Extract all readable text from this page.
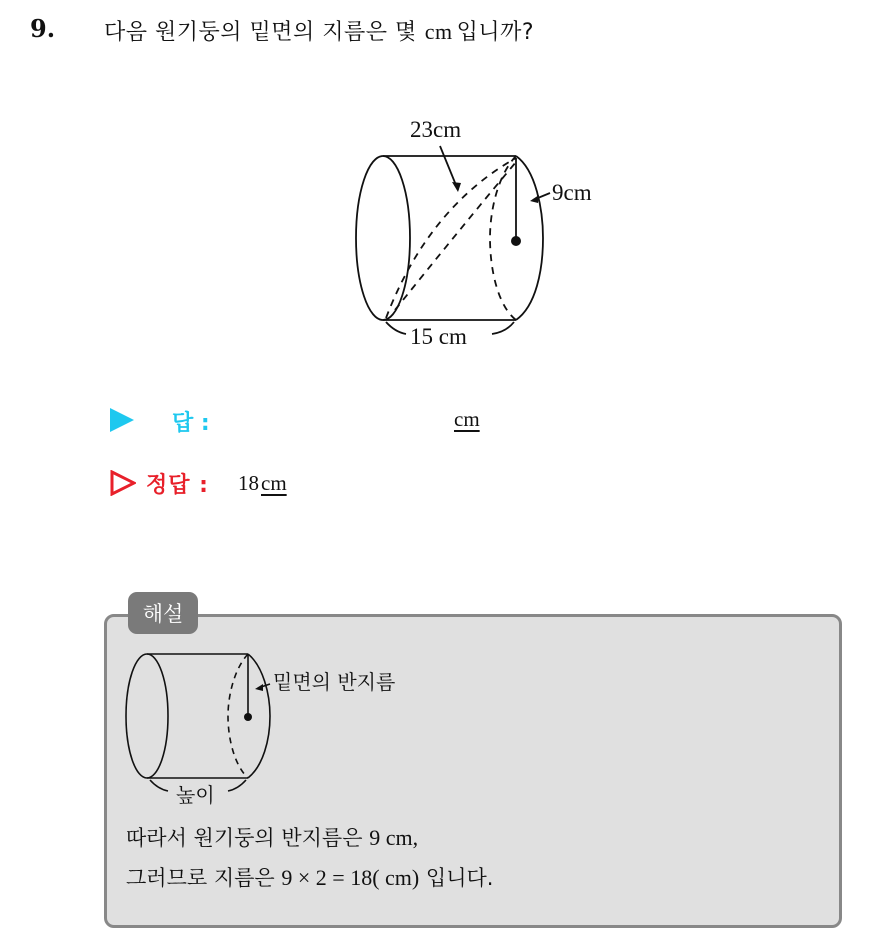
9. 다음 원기둥의 밑면의 지름은 몇 cm 입니까?
23cm
9cm
15 cm
답 :	cm
정답 : 18cm
해설
밑면의 반지름
높이
따라서 원기둥의 반지름은 9 cm,
그러므로 지름은 9 × 2 = 18( cm) 입니다.
